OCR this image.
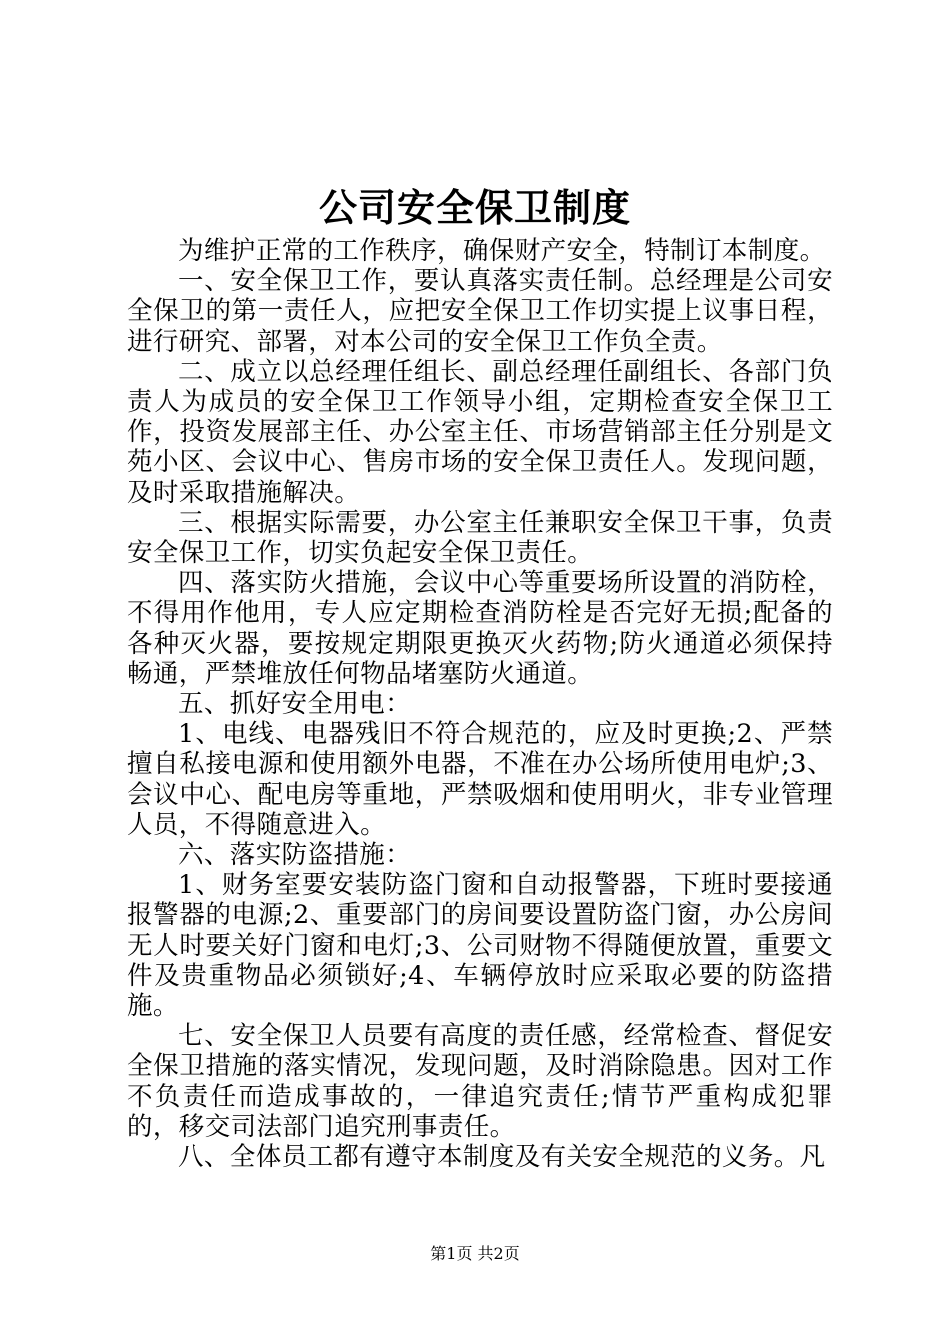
公司安全保卫制度

为维护正常的工作秩序，确保财产安全，特制订本制度。

一、安全保卫工作，要认真落实责任制。总经理是公司安全保卫的第一责任人，应把安全保卫工作切实提上议事日程，进行研究、部署，对本公司的安全保卫工作负全责。

二、成立以总经理任组长、副总经理任副组长、各部门负责人为成员的安全保卫工作领导小组，定期检查安全保卫工作，投资发展部主任、办公室主任、市场营销部主任分别是文苑小区、会议中心、售房市场的安全保卫责任人。发现问题，及时采取措施解决。

三、根据实际需要，办公室主任兼职安全保卫干事，负责安全保卫工作，切实负起安全保卫责任。

四、落实防火措施，会议中心等重要场所设置的消防栓，不得用作他用，专人应定期检查消防栓是否完好无损;配备的各种灭火器，要按规定期限更换灭火药物;防火通道必须保持畅通，严禁堆放任何物品堵塞防火通道。

五、抓好安全用电：

1、电线、电器残旧不符合规范的，应及时更换;2、严禁擅自私接电源和使用额外电器，不准在办公场所使用电炉;3、会议中心、配电房等重地，严禁吸烟和使用明火，非专业管理人员，不得随意进入。

六、落实防盗措施：

1、财务室要安装防盗门窗和自动报警器，下班时要接通报警器的电源;2、重要部门的房间要设置防盗门窗，办公房间无人时要关好门窗和电灯;3、公司财物不得随便放置，重要文件及贵重物品必须锁好;4、车辆停放时应采取必要的防盗措施。

七、安全保卫人员要有高度的责任感，经常检查、督促安全保卫措施的落实情况，发现问题，及时消除隐患。因对工作不负责任而造成事故的，一律追究责任;情节严重构成犯罪的，移交司法部门追究刑事责任。

八、全体员工都有遵守本制度及有关安全规范的义务。凡

第1页 共2页
